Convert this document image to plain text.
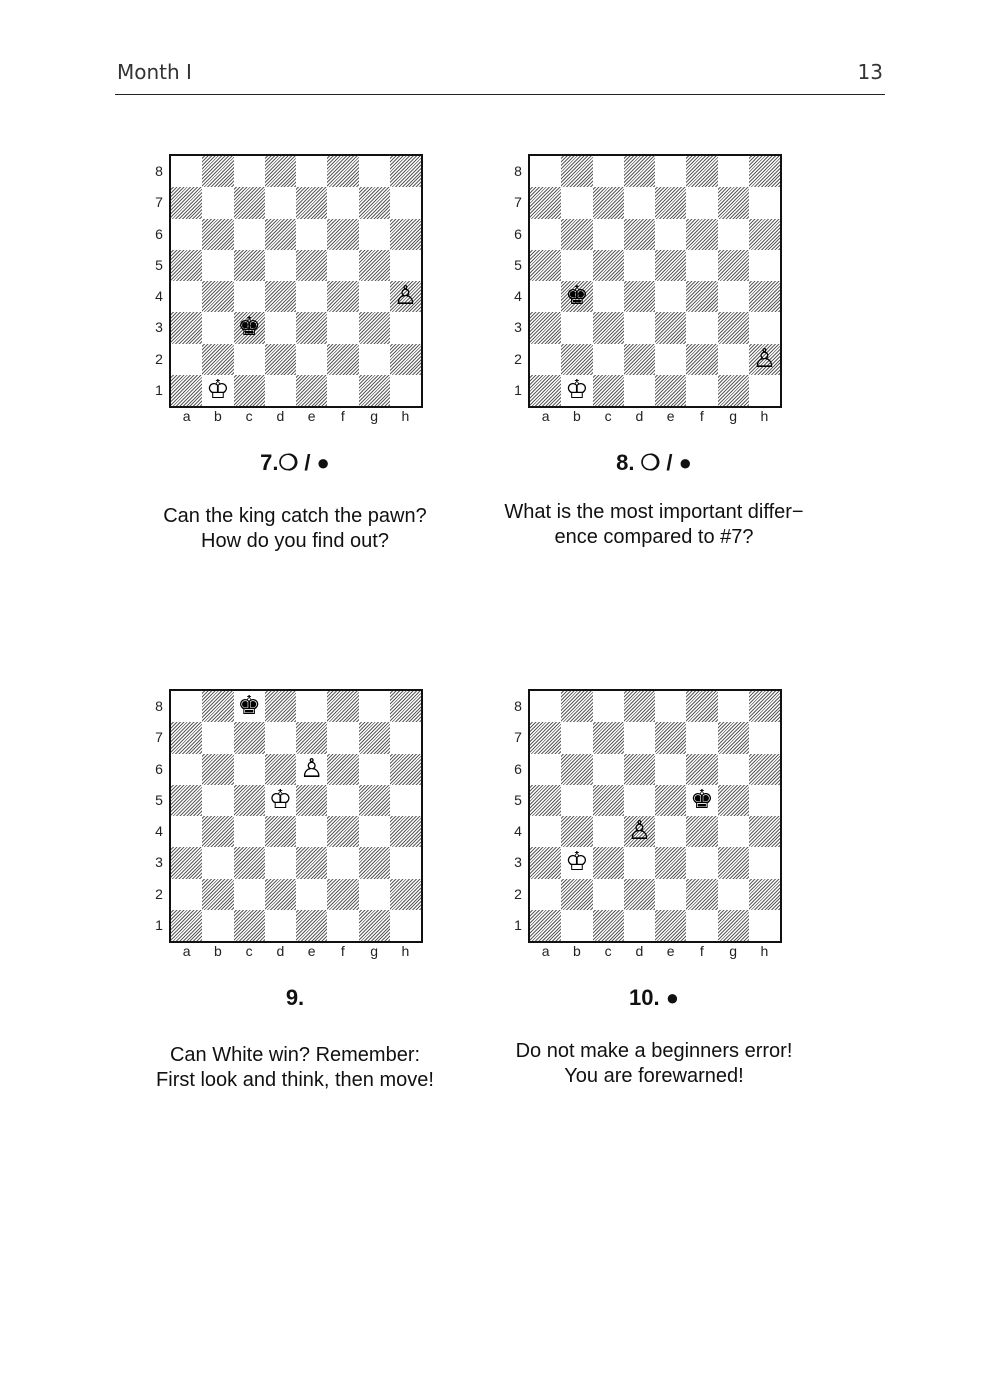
Month I	13
♔
♚
♙
8
7
6
5
4
3
2
1
a	b	c	d	e	f	g	h
7.❍ / ●
Can the king catch the pawn?
How do you find out?
♔
♚
♙
8
7
6
5
4
3
2
1
a	b	c	d	e	f	g	h
8. ❍ / ●
What is the most important differ−
ence compared to #7?
♚
♙
♔
8
7
6
5
4
3
2
1
a	b	c	d	e	f	g	h
9.
Can White win? Remember:
First look and think, then move!
♚
♙
♔
8
7
6
5
4
3
2
1
a	b	c	d	e	f	g	h
10. ●
Do not make a beginners error!
You are forewarned!
